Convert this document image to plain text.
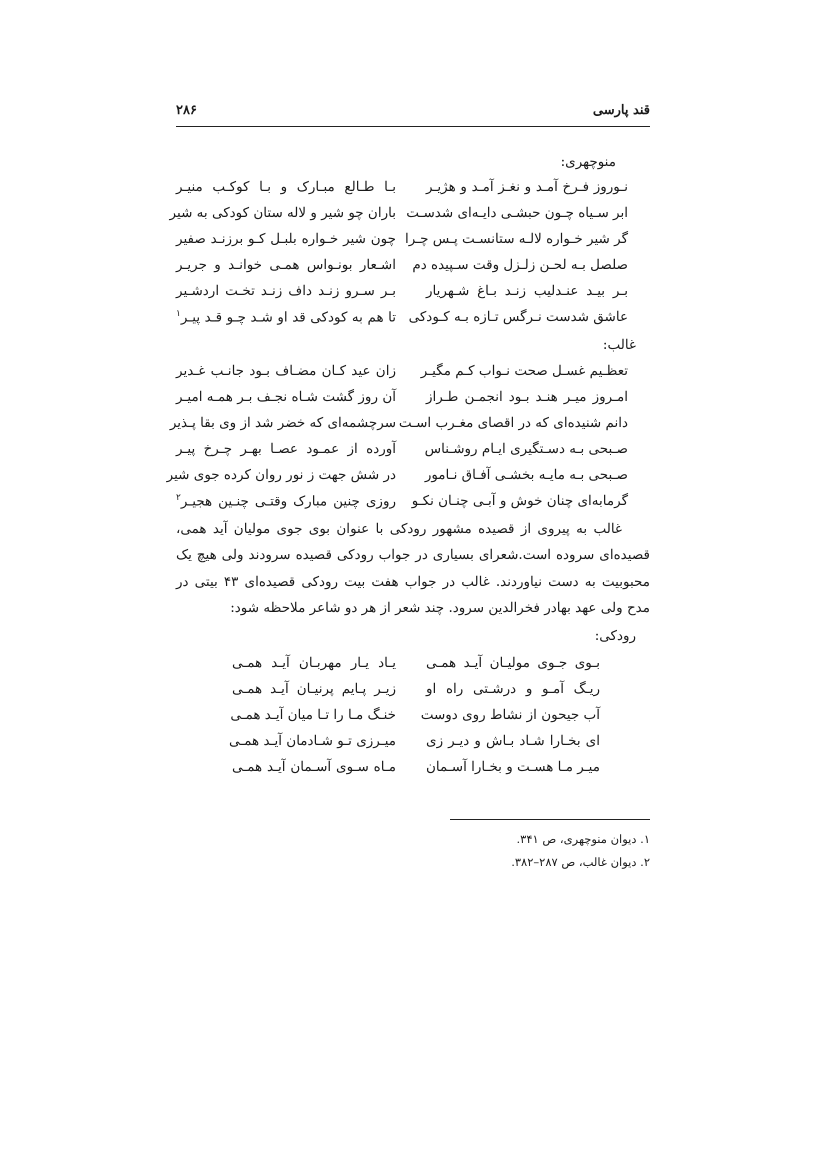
قند پارسی
۲۸۶
منوچهری:
نـوروز فـرخ آمـد و نغـز آمـد و هژیـر
بـا طـالع مبـارک و بـا کوکـب منیـر
ابر سـیاه چـون حبشـی دایـه‌ای شدسـت
باران چو شیر و لاله ستان کودکی به شیر
گر شیر خـواره لالـه ستانسـت پـس چـرا
چون شیر خـواره بلبـل کـو برزنـد صفیر
صلصل بـه لحـن زلـزل وقت سـپیده دم
اشـعار بونـواس همـی خوانـد و جریـر
بـر بیـد عنـدلیب زنـد بـاغ شـهریار
بـر سـرو زنـد داف زنـد تخـت اردشـیر
عاشق شدست نـرگس تـازه بـه کـودکی
تا هم به کودکی قد او شـد چـو قـد پیـر$^۱$
غالب:
تعظـیم غسـل صحت نـواب کـم مگیـر
زان عید کـان مضـاف بـود جانـب غـدیر
امـروز میـر هنـد بـود انجمـن طـراز
آن روز گشت شـاه نجـف بـر همـه امیـر
دانم شنیده‌ای که در اقصای مغـرب اسـت
سرچشمه‌ای که خضر شد از وی بقا پـذیر
صـبحی بـه دسـتگیری ایـام روشـناس
آورده از عمـود عصـا بهـر چـرخ پیـر
صـبحی بـه مایـه بخشـی آفـاق نـامور
در شش جهت ز نور روان کرده جوی شیر
گرمابه‌ای چنان خوش و آبـی چنـان نکـو
روزی چنین مبارک وقتـی چنـین هجیـر$^۲$
غالب به پیروی از قصیده مشهور رودکی با عنوان بوی جوی مولیان آید همی،
قصیده‌ای سروده است.شعرای بسیاری در جواب رودکی قصیده سرودند ولی هیچ یک
محبوبیت به دست نیاوردند. غالب در جواب هفت بیت رودکی قصیده‌ای ۴۳ بیتی در
مدح ولی عهد بهادر فخرالدین سرود. چند شعر از هر دو شاعر ملاحظه شود:
رودکی:
بـوی جـوی مولیـان آیـد همـی
یـاد یـار مهربـان آیـد همـی
ریـگ آمـو و درشـتی راه او
زیـر پـایم پرنیـان آیـد همـی
آب جیحون از نشاط روی دوست
خنـگ مـا را تـا میان آیـد همـی
ای بخـارا شـاد بـاش و دیـر زی
میـرزی تـو شـادمان آیـد همـی
میـر مـا هسـت و بخـارا آسـمان
مـاه سـوی آسـمان آیـد همـی
۱. دیوان منوچهری، ص ۳۴۱.
۲. دیوان غالب، ص ۲۸۷–۳۸۲.
